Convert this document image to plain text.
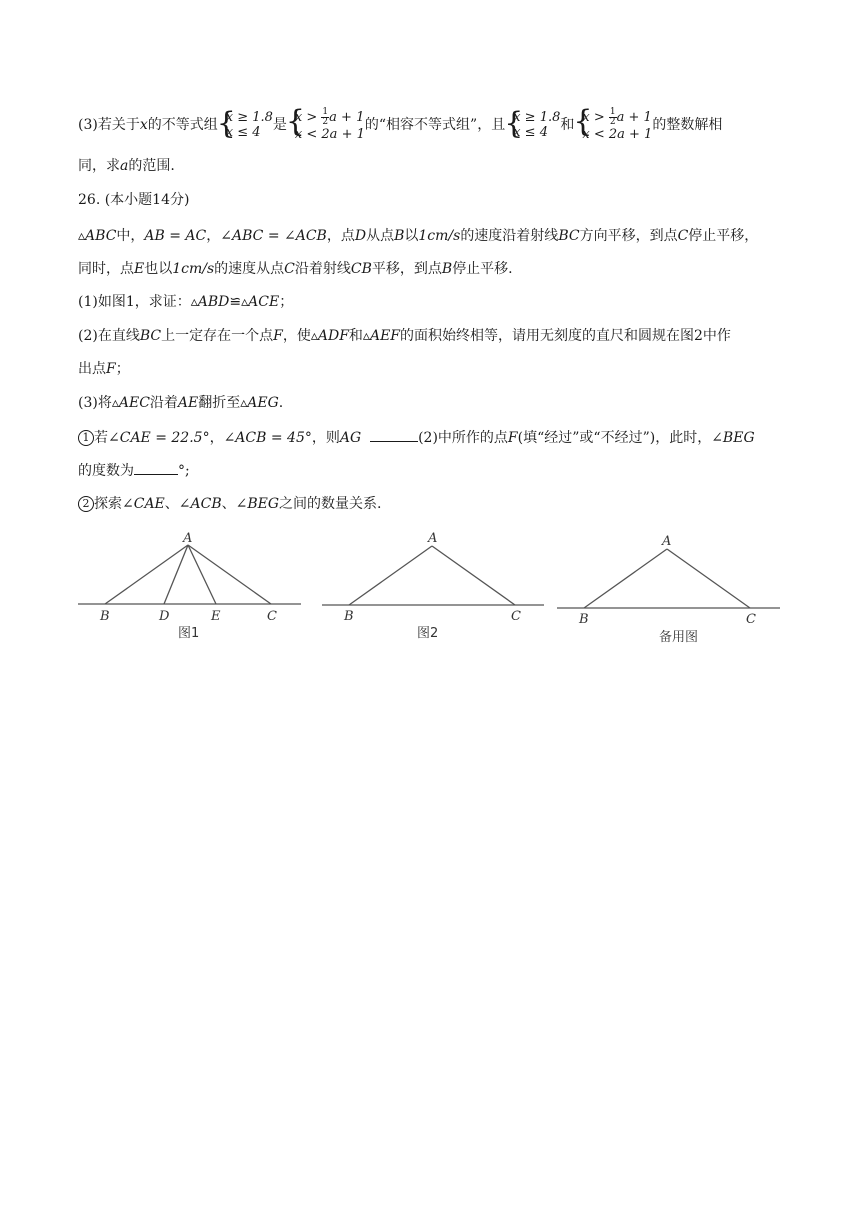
(3)若关于x的不等式组 { x ≥ 1.8
x ≤ 4 是 { $x > \frac{1}{2}$ a + 1
x < 2a + 1
的“相容不等式组”，且 { x ≥ 1.8
x ≤ 4 和 { $x > \frac{1}{2}$ a + 1
x < 2a + 1
的整数解相
同，求a的范围.
26. (本小题14分)
▵ABC中，AB = AC，∠ABC = ∠ACB，点D从点B以1cm/s的速度沿着射线BC方向平移，到点C停止平移，
同时，点E也以1cm/s的速度从点C沿着射线CB平移，到点B停止平移.
(1)如图1，求证：▵ABD≌▵ACE；
(2)在直线BC上一定存在一个点F，使▵ADF和▵AEF的面积始终相等，请用无刻度的直尺和圆规在图2中作
出点F；
(3)将▵AEC沿着AE翻折至▵AEG.
1 若∠CAE = 22.5°，∠ACB = 45°，则AG	(2)中所作的点F(填“经过”或“不经过”)，此时，∠BEG
的度数为	°;
2 探索∠CAE、∠ACB、∠BEG之间的数量关系.
A
B	D	E	C
图1
A
B	C
图2
A
B	C
备用图
